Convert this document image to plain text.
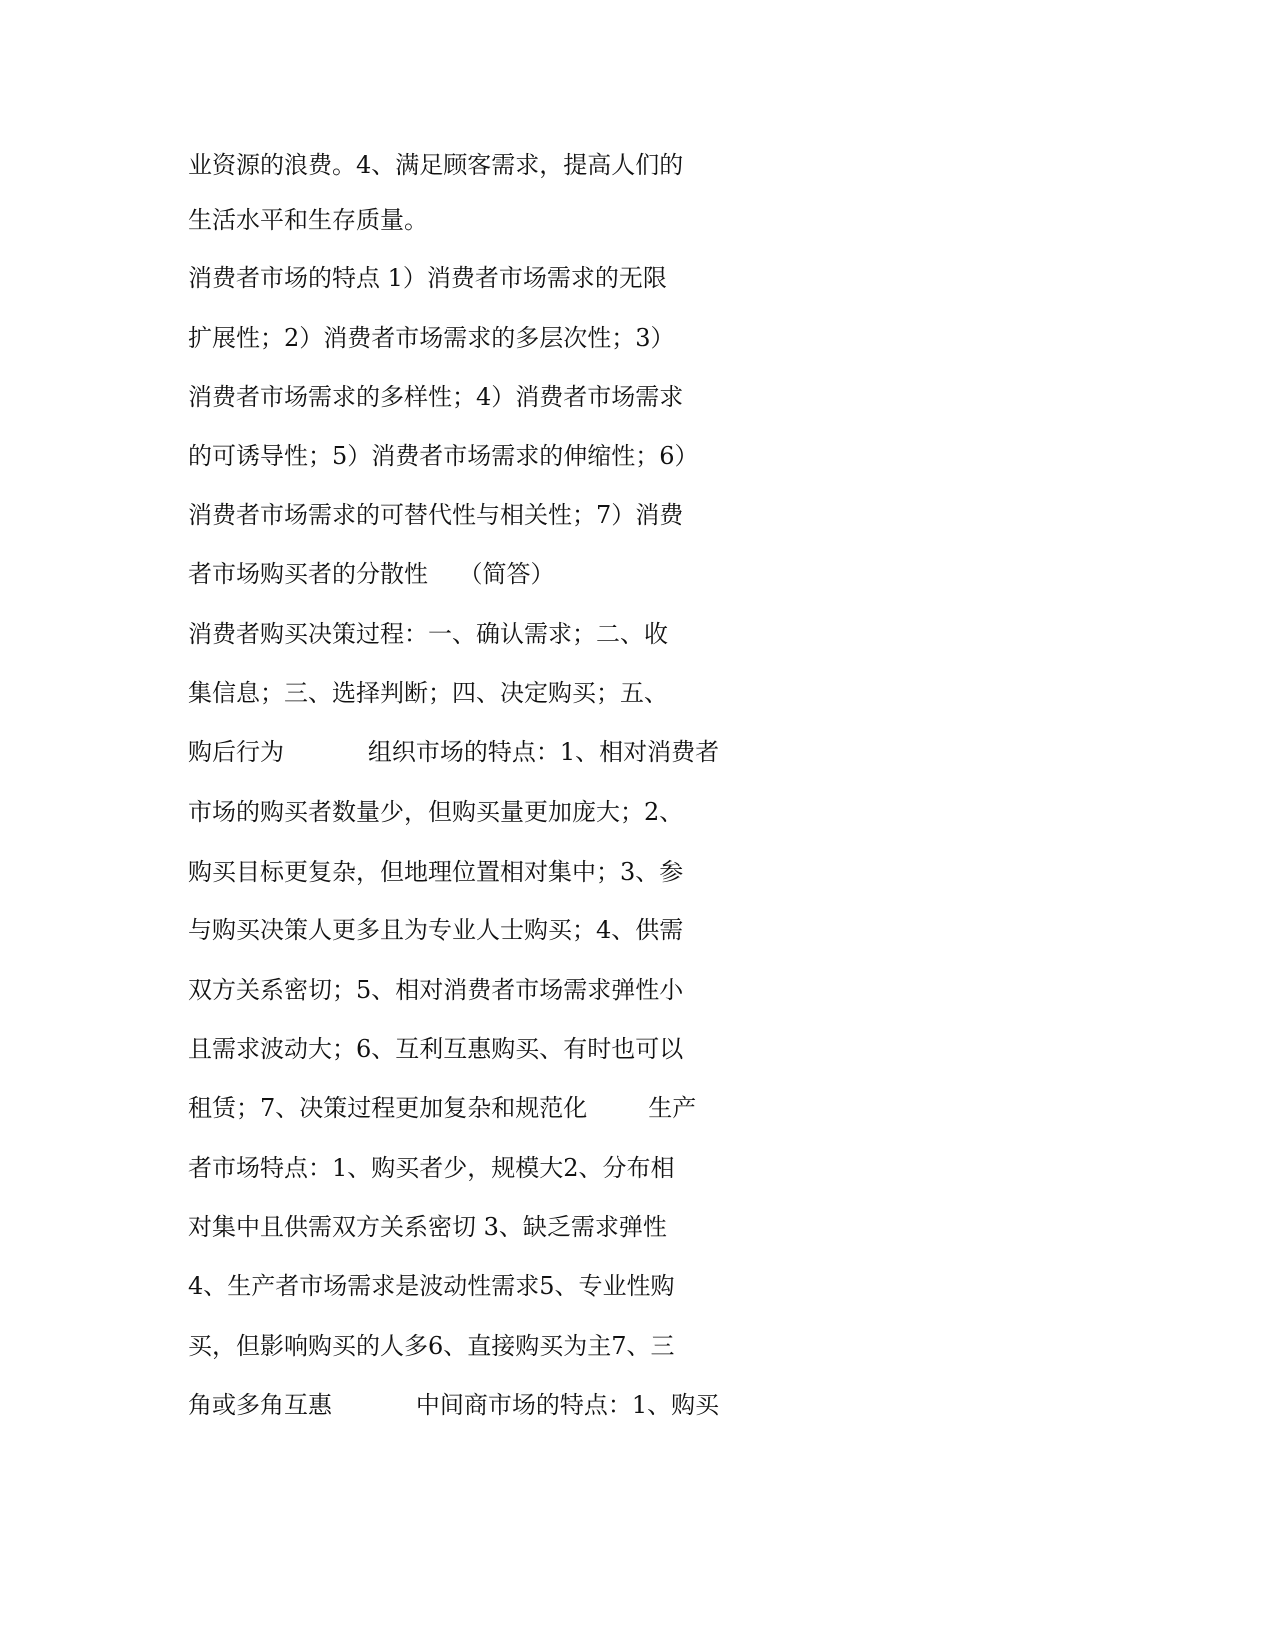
业资源的浪费。4、满足顾客需求，提高人们的
生活水平和生存质量。
消费者市场的特点 1）消费者市场需求的无限
扩展性；2）消费者市场需求的多层次性；3）
消费者市场需求的多样性；4）消费者市场需求
的可诱导性；5）消费者市场需求的伸缩性；6）
消费者市场需求的可替代性与相关性；7）消费
者市场购买者的分散性    （简答）
消费者购买决策过程：一、确认需求；二、收
集信息；三、选择判断；四、决定购买；五、
购后行为           组织市场的特点：1、相对消费者
市场的购买者数量少，但购买量更加庞大；2、
购买目标更复杂，但地理位置相对集中；3、参
与购买决策人更多且为专业人士购买；4、供需
双方关系密切；5、相对消费者市场需求弹性小
且需求波动大；6、互利互惠购买、有时也可以
租赁；7、决策过程更加复杂和规范化        生产
者市场特点：1、购买者少，规模大2、分布相
对集中且供需双方关系密切 3、缺乏需求弹性
4、生产者市场需求是波动性需求5、专业性购
买，但影响购买的人多6、直接购买为主7、三
角或多角互惠           中间商市场的特点：1、购买
